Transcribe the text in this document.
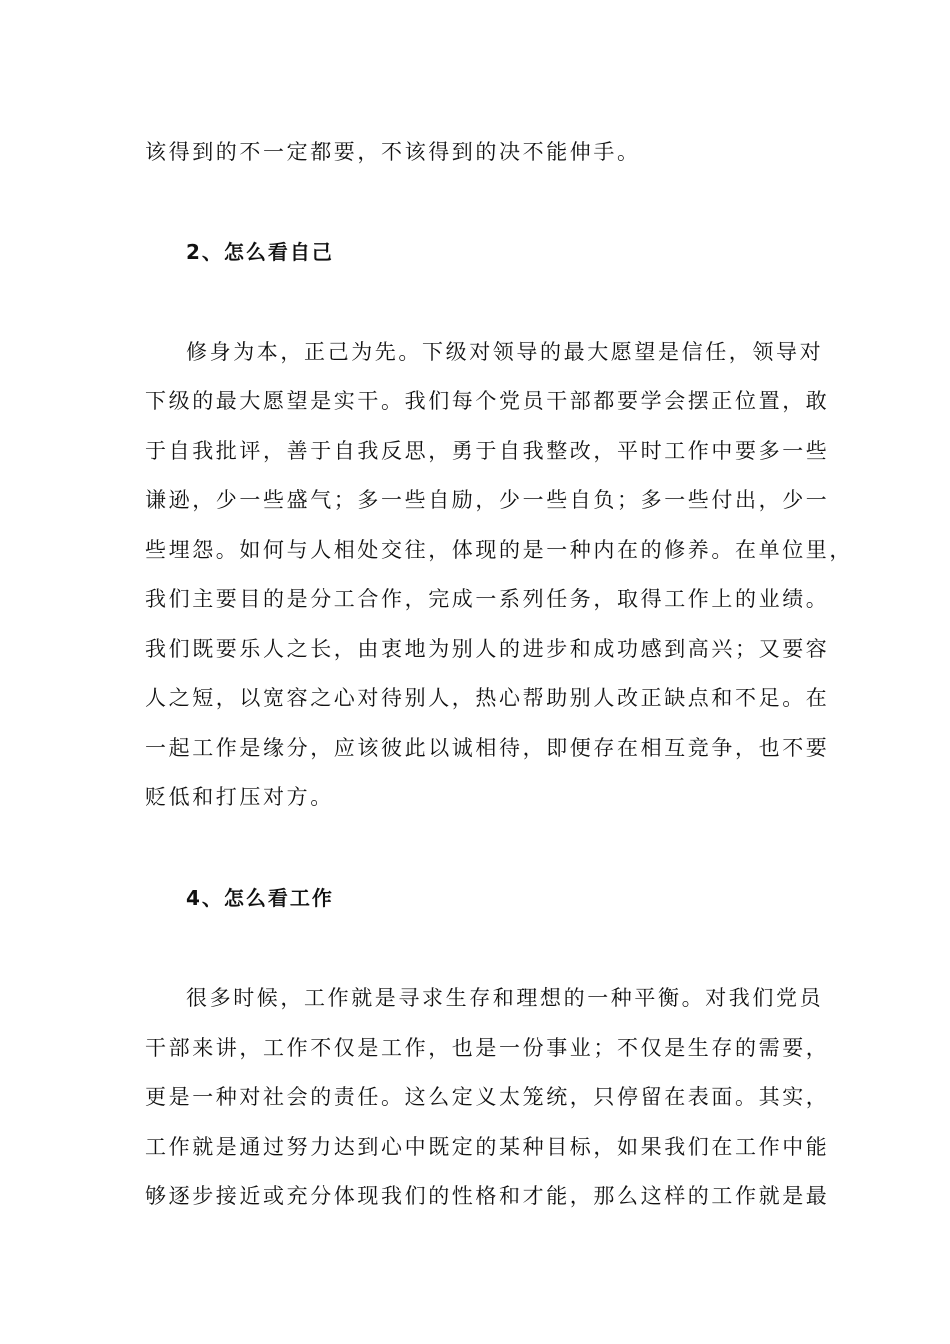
该得到的不一定都要，不该得到的决不能伸手。
2、怎么看自己
修身为本，正己为先。下级对领导的最大愿望是信任，领导对
下级的最大愿望是实干。我们每个党员干部都要学会摆正位置，敢
于自我批评，善于自我反思，勇于自我整改，平时工作中要多一些
谦逊，少一些盛气；多一些自励，少一些自负；多一些付出，少一
些埋怨。如何与人相处交往，体现的是一种内在的修养。在单位里，
我们主要目的是分工合作，完成一系列任务，取得工作上的业绩。
我们既要乐人之长，由衷地为别人的进步和成功感到高兴；又要容
人之短，以宽容之心对待别人，热心帮助别人改正缺点和不足。在
一起工作是缘分，应该彼此以诚相待，即便存在相互竞争，也不要
贬低和打压对方。
4、怎么看工作
很多时候，工作就是寻求生存和理想的一种平衡。对我们党员
干部来讲，工作不仅是工作，也是一份事业；不仅是生存的需要，
更是一种对社会的责任。这么定义太笼统，只停留在表面。其实，
工作就是通过努力达到心中既定的某种目标，如果我们在工作中能
够逐步接近或充分体现我们的性格和才能，那么这样的工作就是最
